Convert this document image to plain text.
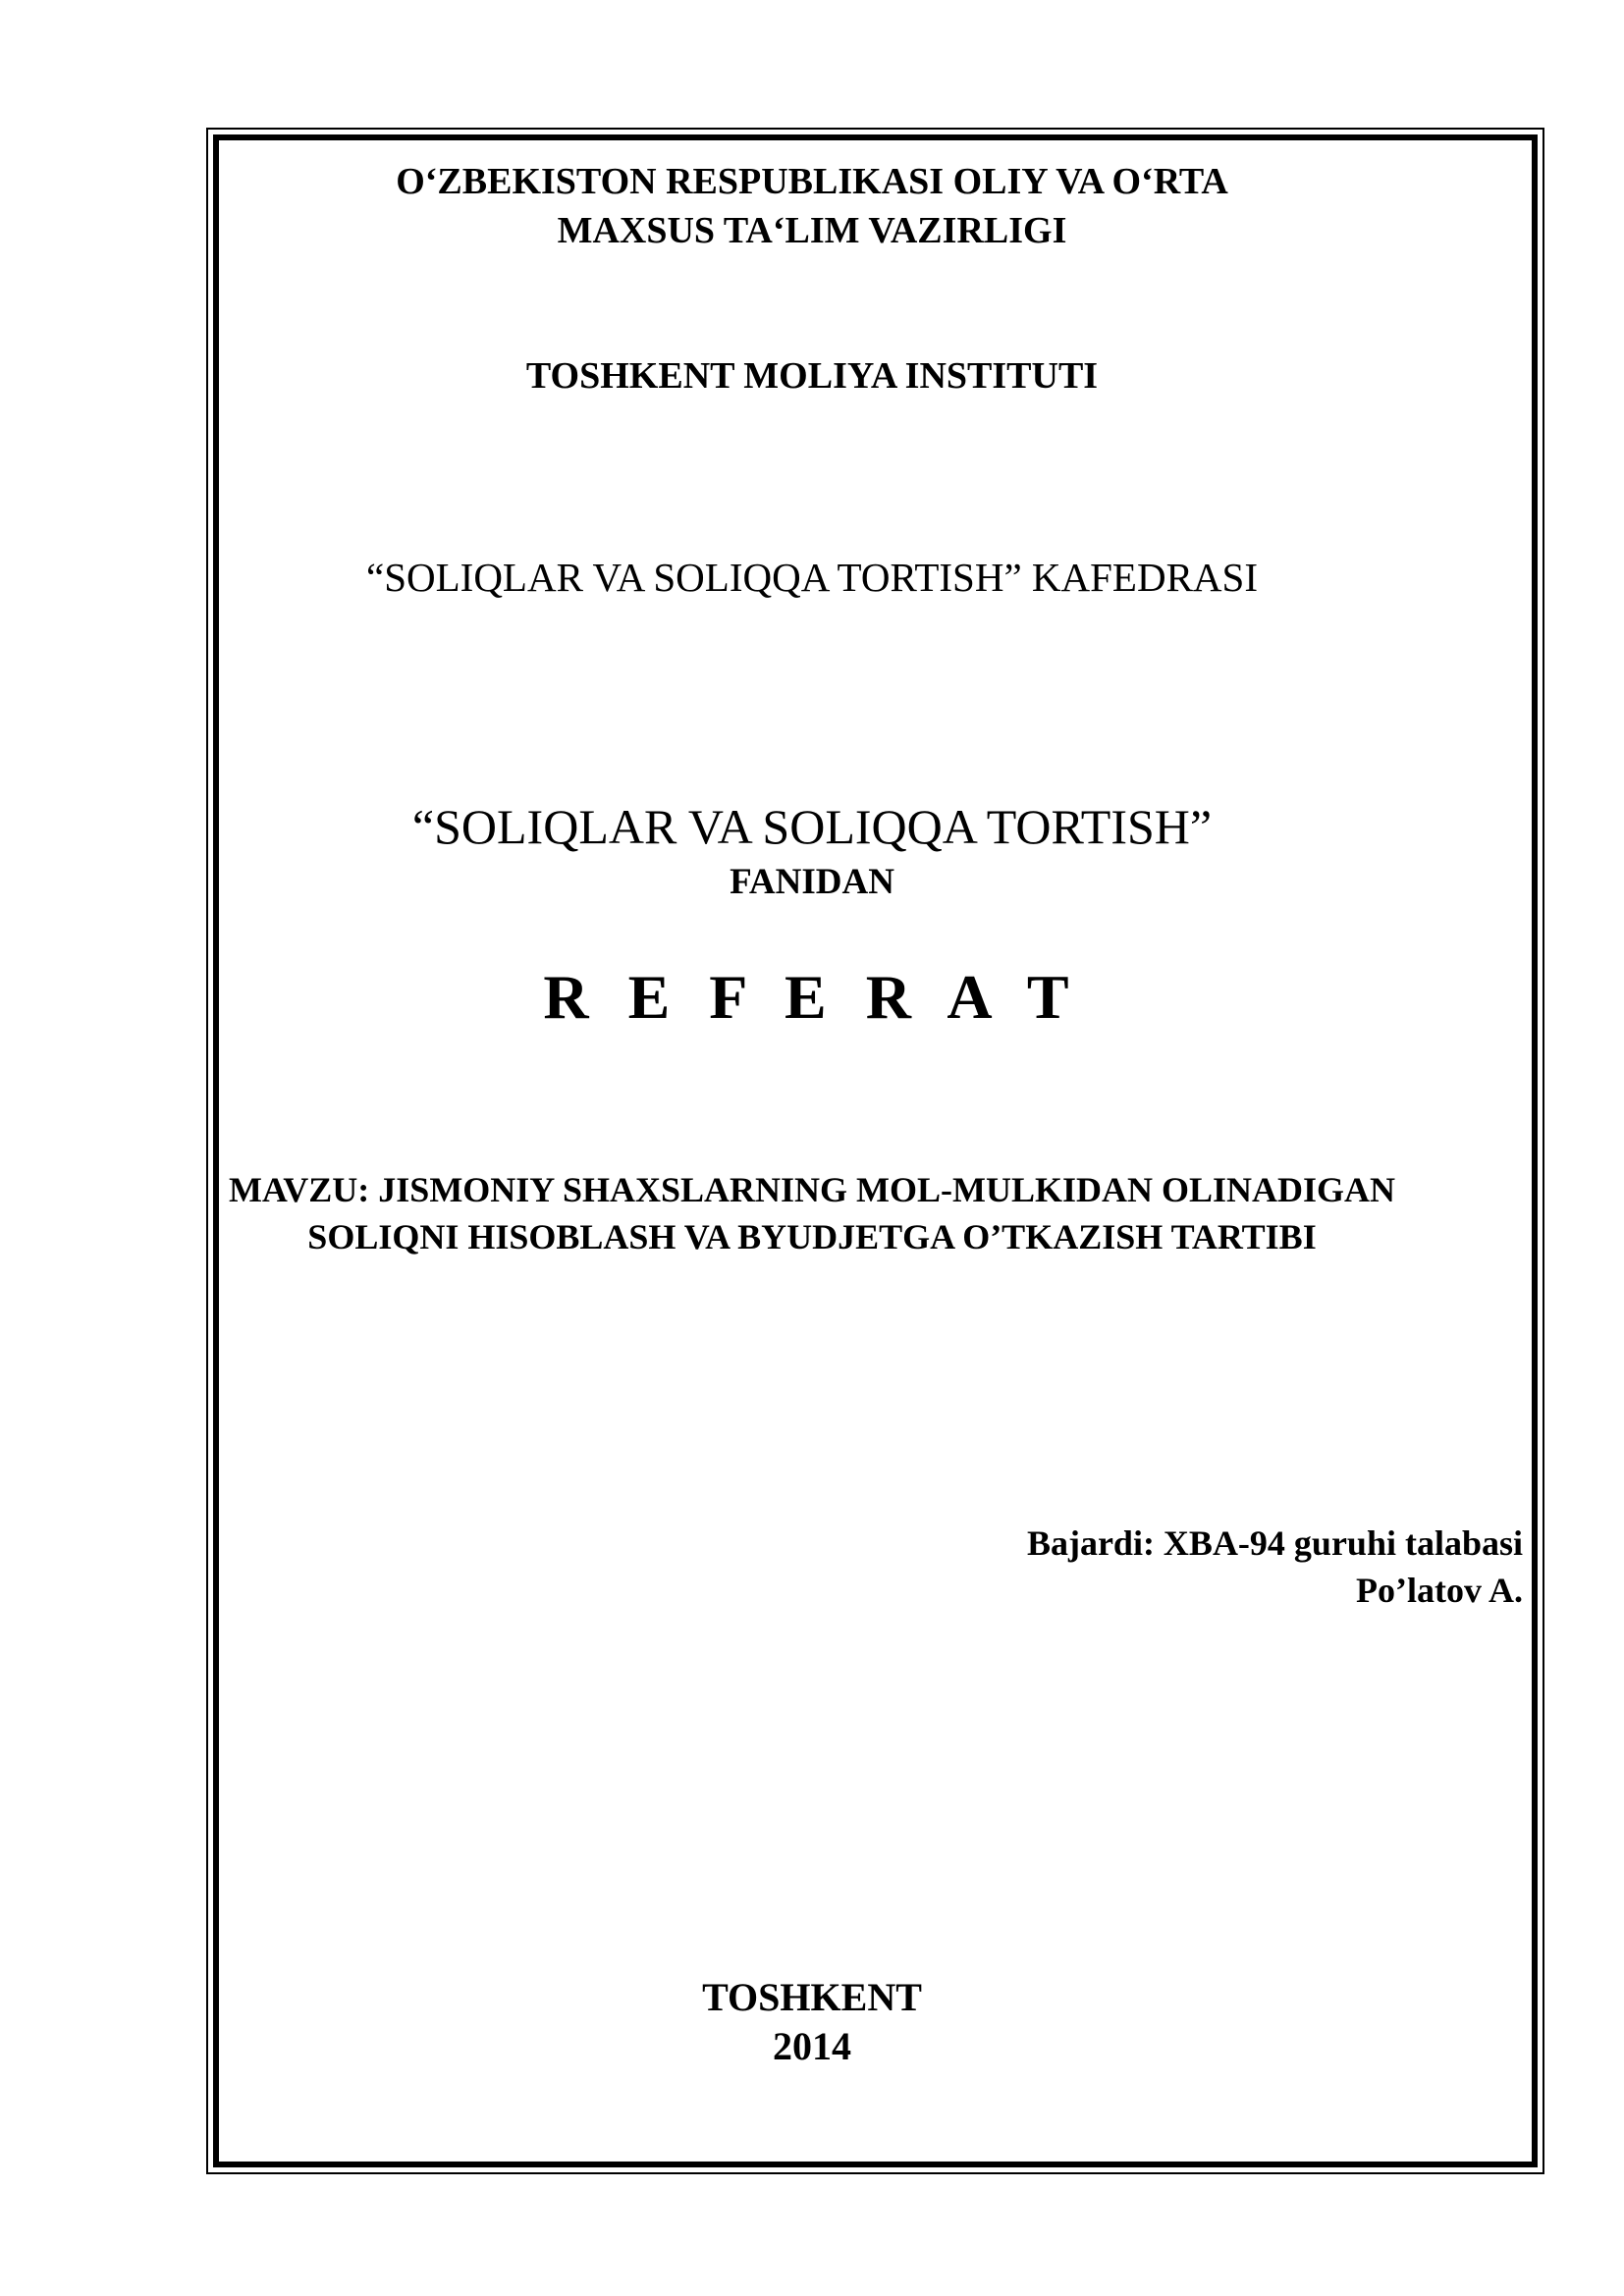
O‘ZBEKISTON RESPUBLIKASI OLIY VA O‘RTA
MAXSUS TA‘LIM VAZIRLIGI
TOSHKENT MOLIYA INSTITUTI
“SOLIQLAR VA SOLIQQA TORTISH” KAFEDRASI
“SOLIQLAR VA SOLIQQA TORTISH”
FANIDAN
R E F E R A T
MAVZU: JISMONIY SHAXSLARNING MOL-MULKIDAN OLINADIGAN
SOLIQNI HISOBLASH VA BYUDJETGA O’TKAZISH TARTIBI
Bajardi: XBA-94 guruhi talabasi
Po’latov A.
TOSHKENT
2014
